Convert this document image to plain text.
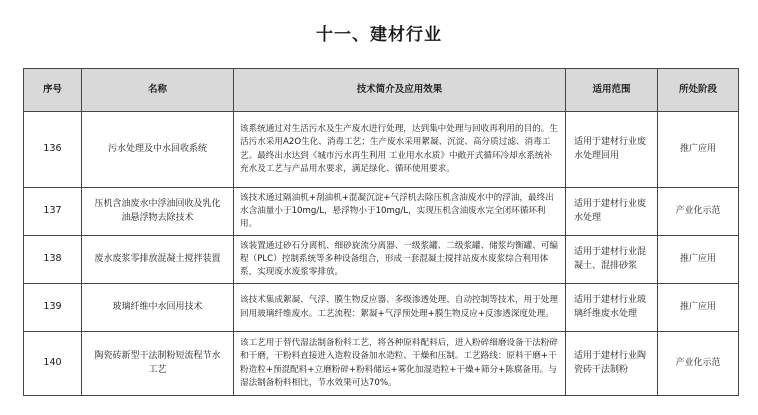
十一、建材行业
序号	名称	技术简介及应用效果	适用范围	所处阶段
136	污水处理及中水回收系统	该系统通过对生活污水及生产废水进行处理，达到集中处理与回收再利用的目的。生活污水采用A2O生化、消毒工艺；生产废水采用絮凝、沉淀、高分质过滤、消毒工艺。最终出水达到《城市污水再生利用 工业用水水质》中敞开式循环冷却水系统补充水及工艺与产品用水要求，满足绿化、循环使用要求。	适用于建材行业废水处理回用	推广应用
137	压机含油废水中浮油回收及乳化油悬浮物去除技术	该技术通过隔油机+刮油机+混凝沉淀+气浮机去除压机含油废水中的浮油，最终出水含油量小于10mg/L，悬浮物小于10mg/L，实现压机含油废水完全闭环循环利用。	适用于建材行业废水处理	产业化示范
138	废水废浆零排放混凝土搅拌装置	该装置通过砂石分离机、细砂旋流分离器、一级浆罐、二级浆罐、储浆均衡罐、可编程（PLC）控制系统等多种设备组合，形成一套混凝土搅拌站废水废浆综合利用体系，实现废水废浆零排放。	适用于建材行业混凝土、混排砂浆	推广应用
139	玻璃纤维中水回用技术	该技术集成絮凝、气浮、膜生物反应器、多级渗透处理、自动控制等技术，用于处理回用玻璃纤维废水。工艺流程：絮凝+气浮预处理+膜生物反应+反渗透深度处理。	适用于建材行业玻璃纤维废水处理	推广应用
140	陶瓷砖新型干法制粉短流程节水工艺	该工艺用于替代湿法制备粉料工艺，将各种原料配料后，进入粉碎细磨设备干法粉碎和干磨，干粉料直接进入造粒设备加水造粒、干燥和压制。工艺路线：原料干磨+干粉造粒+预混配料+立磨粉碎+粉料储运+雾化加湿造粒+干燥+筛分+陈腐备用。与湿法制备粉料相比，节水效果可达70%。	适用于建材行业陶瓷砖干法制粉	产业化示范
